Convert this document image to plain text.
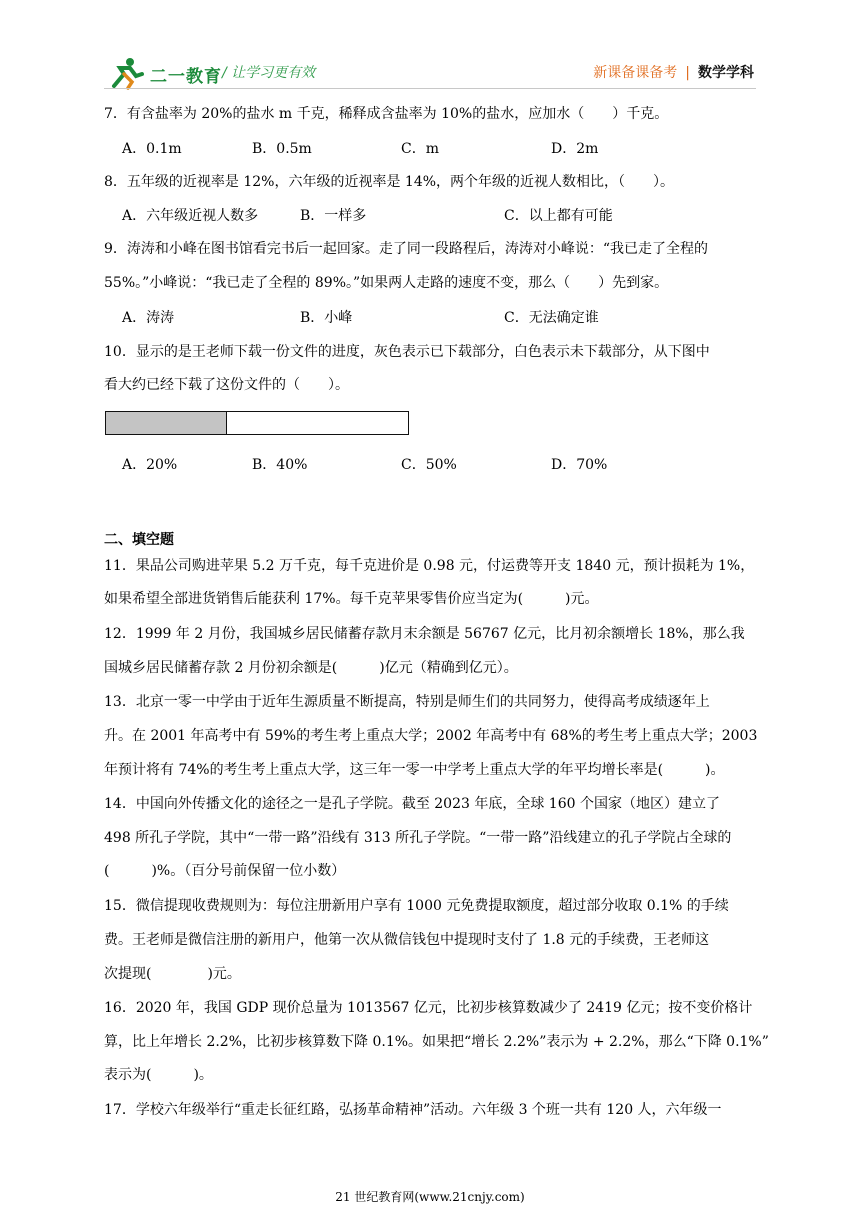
二一教育 / 让学习更有效	新课备课备考 | 数学学科
7．有含盐率为 20%的盐水 m 千克，稀释成含盐率为 10%的盐水，应加水（　　）千克。
A．0.1m	B．0.5m	C．m	D．2m
8．五年级的近视率是 12%，六年级的近视率是 14%，两个年级的近视人数相比，（　　）。
A．六年级近视人数多	B．一样多	C．以上都有可能
9．涛涛和小峰在图书馆看完书后一起回家。走了同一段路程后，涛涛对小峰说：“我已走了全程的
55%。”小峰说：“我已走了全程的 89%。”如果两人走路的速度不变，那么（　　）先到家。
A．涛涛	B．小峰	C．无法确定谁
10．显示的是王老师下载一份文件的进度，灰色表示已下载部分，白色表示未下载部分，从下图中
看大约已经下载了这份文件的（　　）。
A．20%	B．40%	C．50%	D．70%
二、填空题
11．果品公司购进苹果 5.2 万千克，每千克进价是 0.98 元，付运费等开支 1840 元，预计损耗为 1%，
如果希望全部进货销售后能获利 17%。每千克苹果零售价应当定为(　　　)元。
12．1999 年 2 月份，我国城乡居民储蓄存款月末余额是 56767 亿元，比月初余额增长 18%，那么我
国城乡居民储蓄存款 2 月份初余额是(　　　)亿元（精确到亿元）。
13．北京一零一中学由于近年生源质量不断提高，特别是师生们的共同努力，使得高考成绩逐年上
升。在 2001 年高考中有 59%的考生考上重点大学；2002 年高考中有 68%的考生考上重点大学；2003
年预计将有 74%的考生考上重点大学，这三年一零一中学考上重点大学的年平均增长率是(　　　)。
14．中国向外传播文化的途径之一是孔子学院。截至 2023 年底，全球 160 个国家（地区）建立了
498 所孔子学院，其中“一带一路”沿线有 313 所孔子学院。“一带一路”沿线建立的孔子学院占全球的
(　　　)%。（百分号前保留一位小数）
15．微信提现收费规则为：每位注册新用户享有 1000 元免费提取额度，超过部分收取 0.1% 的手续
费。王老师是微信注册的新用户，他第一次从微信钱包中提现时支付了 1.8 元的手续费，王老师这
次提现(　　　　)元。
16．2020 年，我国 GDP 现价总量为 1013567 亿元，比初步核算数减少了 2419 亿元；按不变价格计
算，比上年增长 2.2%，比初步核算数下降 0.1%。如果把“增长 2.2%”表示为 + 2.2%，那么“下降 0.1%”
表示为(　　　)。
17．学校六年级举行“重走长征红路，弘扬革命精神”活动。六年级 3 个班一共有 120 人，六年级一
21 世纪教育网(www.21cnjy.com)
